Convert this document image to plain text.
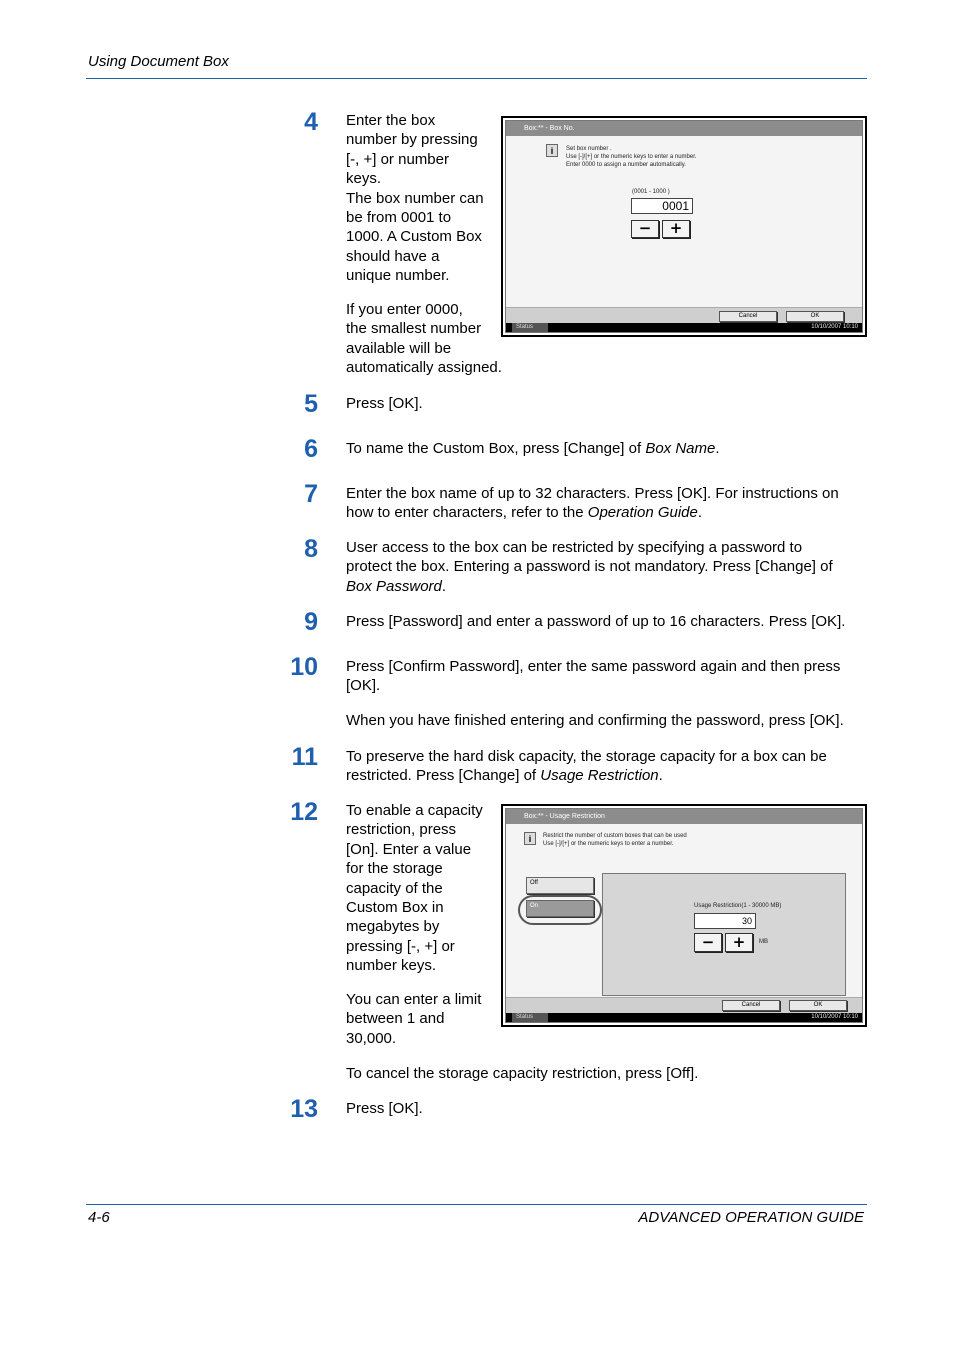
Using Document Box
4 Enter the box
number by pressing
[-, +] or number
keys.
The box number can
be from 0001 to
1000. A Custom Box
should have a
unique number.
If you enter 0000,
the smallest number
available will be
automatically assigned.
Box:** - Box No.
i	Set box number .
Use [-]/[+] or the numeric keys to enter a number.
Enter 0000 to assign a number automatically.
(0001 - 1000 )
0001
−	+
Cancel	OK
Status	10/10/2007 10:10
5 Press [OK].
6 To name the Custom Box, press [Change] of Box Name.
7 Enter the box name of up to 32 characters. Press [OK]. For instructions on
how to enter characters, refer to the Operation Guide.
8 User access to the box can be restricted by specifying a password to
protect the box. Entering a password is not mandatory. Press [Change] of
Box Password.
9 Press [Password] and enter a password of up to 16 characters. Press [OK].
10 Press [Confirm Password], enter the same password again and then press
[OK].
When you have finished entering and confirming the password, press [OK].
11 To preserve the hard disk capacity, the storage capacity for a box can be
restricted. Press [Change] of Usage Restriction.
12 To enable a capacity
restriction, press
[On]. Enter a value
for the storage
capacity of the
Custom Box in
megabytes by
pressing [-, +] or
number keys.
You can enter a limit
between 1 and
30,000.
To cancel the storage capacity restriction, press [Off].
Box:** - Usage Restriction
i	Restrict the number of custom boxes that can be used
Use [-]/[+] or the numeric keys to enter a number.
Off
On	Usage Restriction(1 - 30000 MB)
30
−	+	MB
Cancel	OK
Status	10/10/2007 10:10
13 Press [OK].
4-6	ADVANCED OPERATION GUIDE
